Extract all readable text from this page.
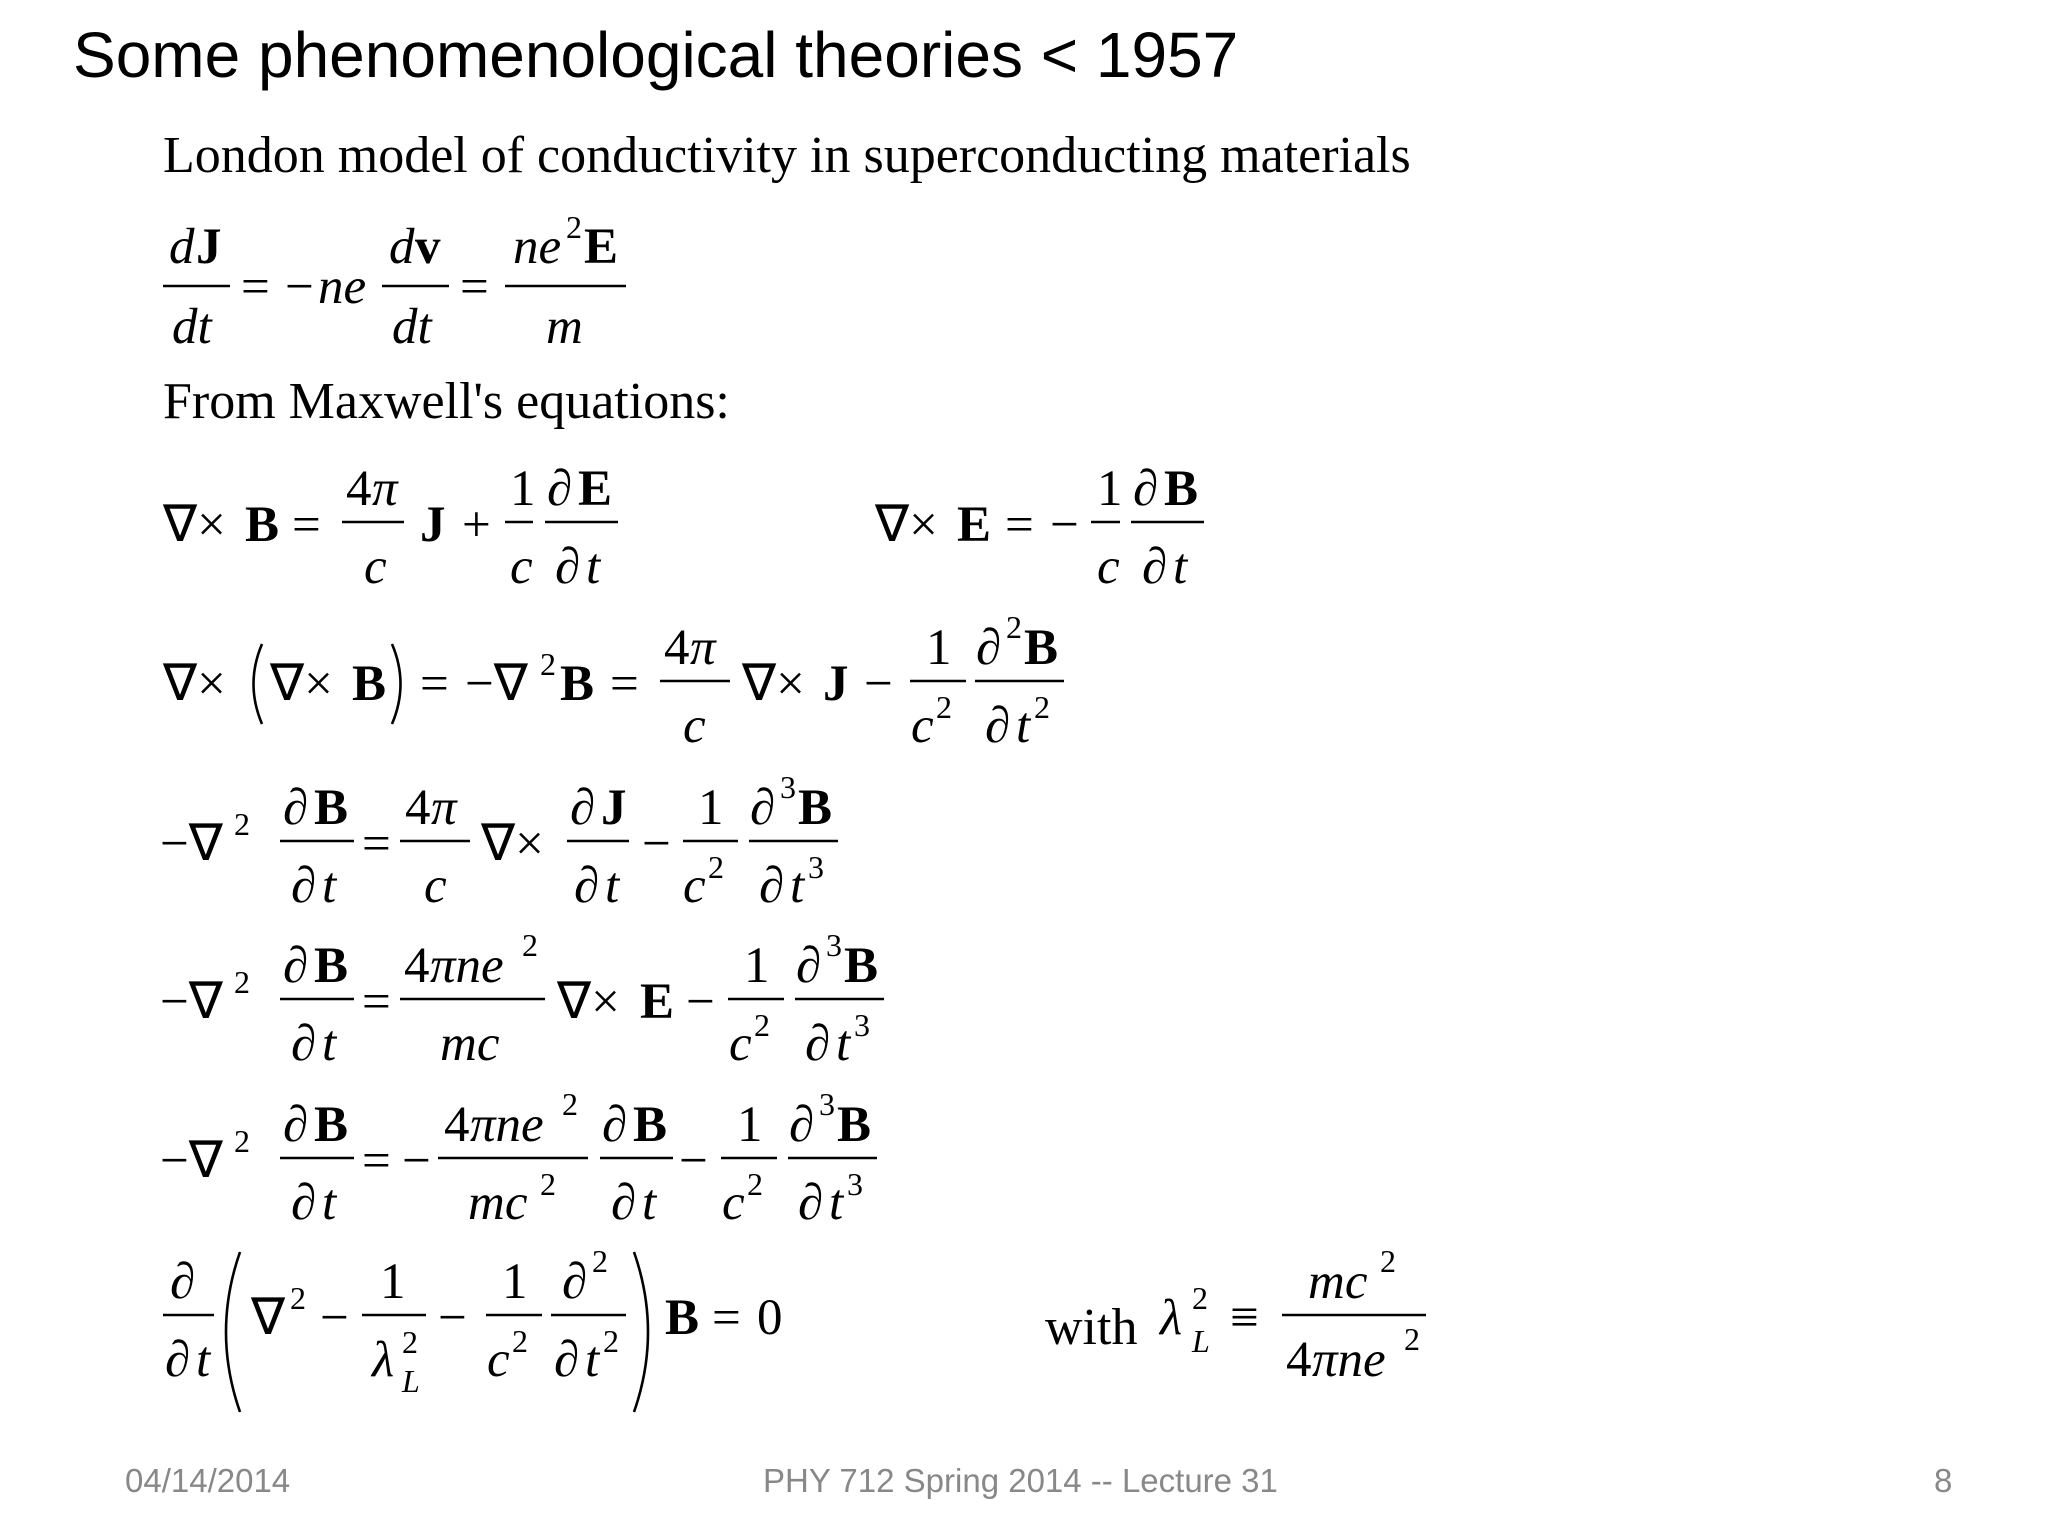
Some phenomenological theories < 1957
London model of conductivity in superconducting materials
From Maxwell's equations:
with
d J
dt
= − ne
d v
dt
=
ne 2 E
m
∇× B =
4 π
c
J +
1
c
∂ E
∂ t
∇× E = −
1
c
∂ B
∂ t
∇× ∇× B = −∇ 2 B =
4 π
c
∇× J −
1
c 2
∂ 2 B
∂ t 2
−∇ 2 ∂ B
∂ t
=
4 π
c
∇×
∂ J
∂ t
−
1
c 2
∂ 3 B
∂ t 3
−∇ 2 ∂ B
∂ t
=
4 πne 2
mc
∇× E −
1
c 2
∂ 3 B
∂ t 3
−∇ 2 ∂ B
∂ t
= −
4 πne 2
mc 2
∂ B
∂ t
−
1
c 2
∂ 3 B
∂ t 3
∂
∂ t
∇ 2 −
1
λ 2
L
−
1
c 2
∂ 2
∂ t 2 B = 0	λ 2
L ≡
mc 2
4 πne 2
04/14/2014	PHY 712 Spring 2014 -- Lecture 31	8
